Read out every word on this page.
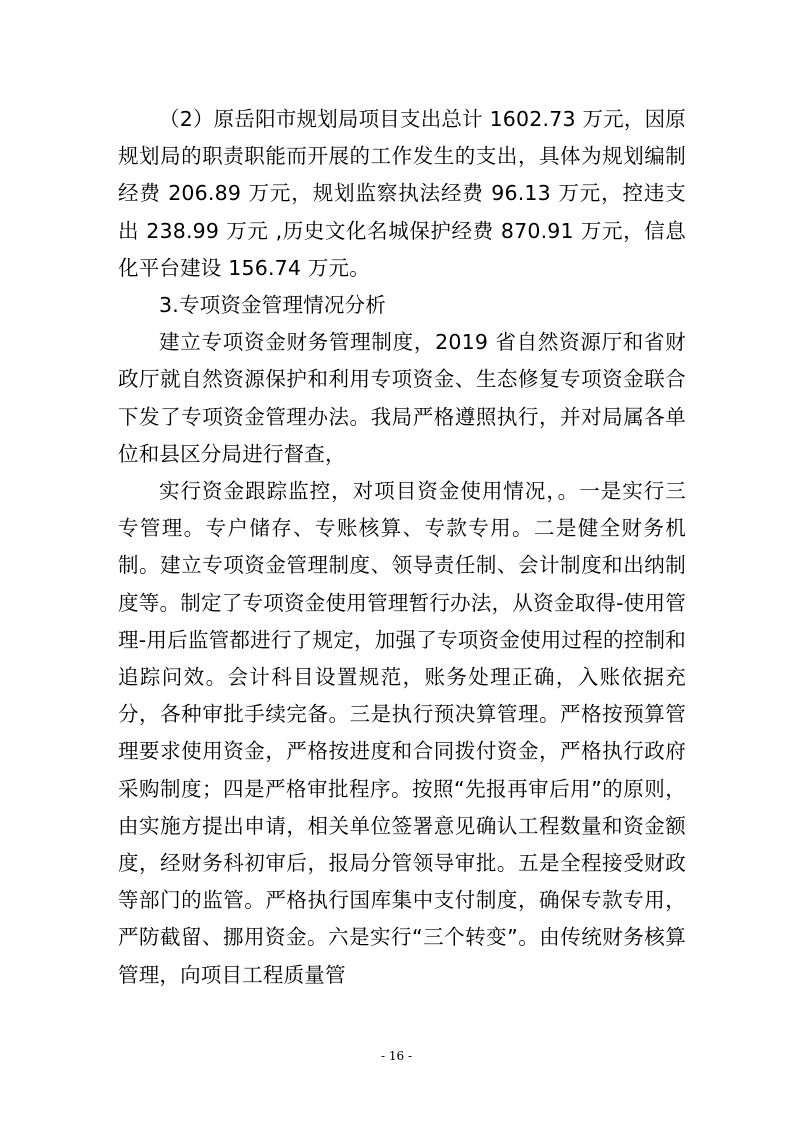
（2）原岳阳市规划局项目支出总计 1602.73 万元，因原规划局的职责职能而开展的工作发生的支出，具体为规划编制经费 206.89 万元，规划监察执法经费 96.13 万元，控违支出 238.99 万元 ,历史文化名城保护经费 870.91 万元，信息化平台建设 156.74 万元。

3.专项资金管理情况分析

建立专项资金财务管理制度，2019 省自然资源厅和省财政厅就自然资源保护和利用专项资金、生态修复专项资金联合下发了专项资金管理办法。我局严格遵照执行，并对局属各单位和县区分局进行督查，

实行资金跟踪监控，对项目资金使用情况，。一是实行三专管理。专户储存、专账核算、专款专用。二是健全财务机制。建立专项资金管理制度、领导责任制、会计制度和出纳制度等。制定了专项资金使用管理暂行办法，从资金取得-使用管理-用后监管都进行了规定，加强了专项资金使用过程的控制和追踪问效。会计科目设置规范，账务处理正确，入账依据充分，各种审批手续完备。三是执行预决算管理。严格按预算管理要求使用资金，严格按进度和合同拨付资金，严格执行政府采购制度；四是严格审批程序。按照“先报再审后用”的原则，由实施方提出申请，相关单位签署意见确认工程数量和资金额度，经财务科初审后，报局分管领导审批。五是全程接受财政等部门的监管。严格执行国库集中支付制度，确保专款专用，严防截留、挪用资金。六是实行“三个转变”。由传统财务核算管理，向项目工程质量管

- 16 -
